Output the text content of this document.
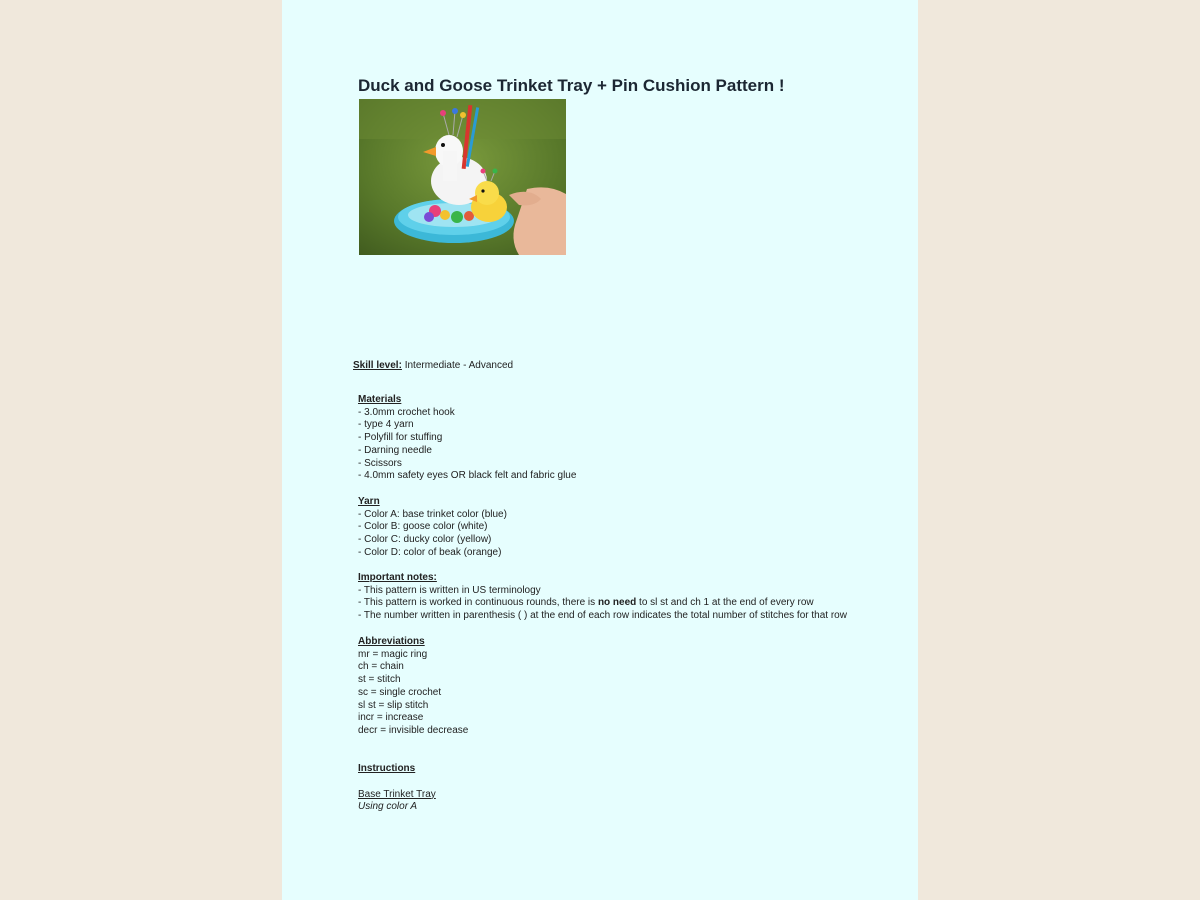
Duck and Goose Trinket Tray + Pin Cushion Pattern !
Skill level: Intermediate - Advanced
Materials
- 3.0mm crochet hook
- type 4 yarn
- Polyfill for stuffing
- Darning needle
- Scissors
- 4.0mm safety eyes OR black felt and fabric glue
Yarn
- Color A: base trinket color (blue)
- Color B: goose color (white)
- Color C: ducky color (yellow)
- Color D: color of beak (orange)
Important notes:
- This pattern is written in US terminology
- This pattern is worked in continuous rounds, there is no need to sl st and ch 1 at the end of every row
- The number written in parenthesis ( ) at the end of each row indicates the total number of stitches for that row
Abbreviations
mr = magic ring
ch = chain
st = stitch
sc = single crochet
sl st = slip stitch
incr = increase
decr = invisible decrease
Instructions
Base Trinket Tray
Using color A
